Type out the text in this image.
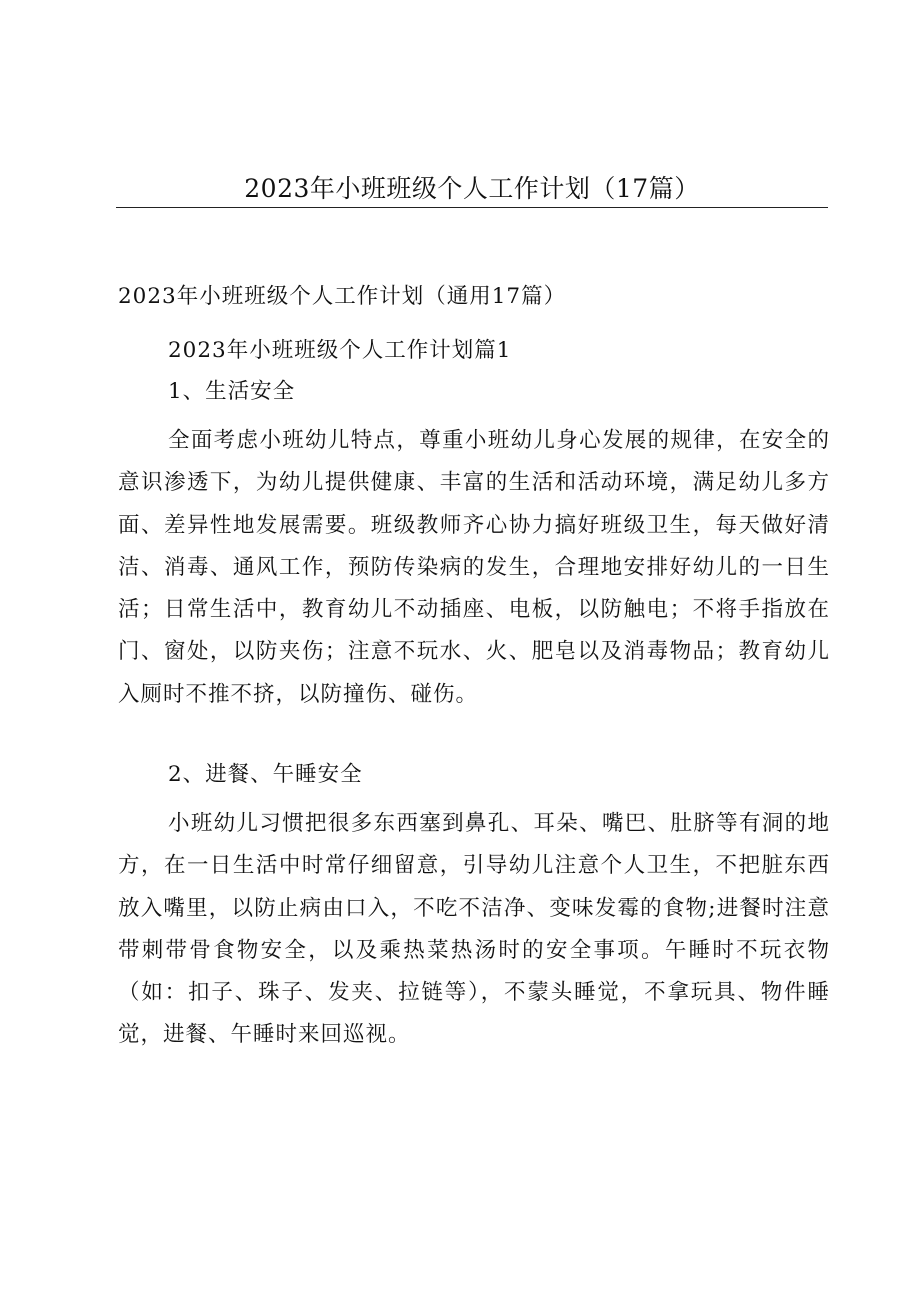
2023年小班班级个人工作计划（17篇）
2023年小班班级个人工作计划（通用17篇）
2023年小班班级个人工作计划篇1
1、生活安全

全面考虑小班幼儿特点，尊重小班幼儿身心发展的规律，在安全的意识渗透下，为幼儿提供健康、丰富的生活和活动环境，满足幼儿多方面、差异性地发展需要。班级教师齐心协力搞好班级卫生，每天做好清洁、消毒、通风工作，预防传染病的发生，合理地安排好幼儿的一日生活；日常生活中，教育幼儿不动插座、电板，以防触电；不将手指放在门、窗处，以防夹伤；注意不玩水、火、肥皂以及消毒物品；教育幼儿入厕时不推不挤，以防撞伤、碰伤。

2、进餐、午睡安全

小班幼儿习惯把很多东西塞到鼻孔、耳朵、嘴巴、肚脐等有洞的地方，在一日生活中时常仔细留意，引导幼儿注意个人卫生，不把脏东西放入嘴里，以防止病由口入，不吃不洁净、变味发霉的食物;进餐时注意带刺带骨食物安全，以及乘热菜热汤时的安全事项。午睡时不玩衣物（如：扣子、珠子、发夹、拉链等），不蒙头睡觉，不拿玩具、物件睡觉，进餐、午睡时来回巡视。
